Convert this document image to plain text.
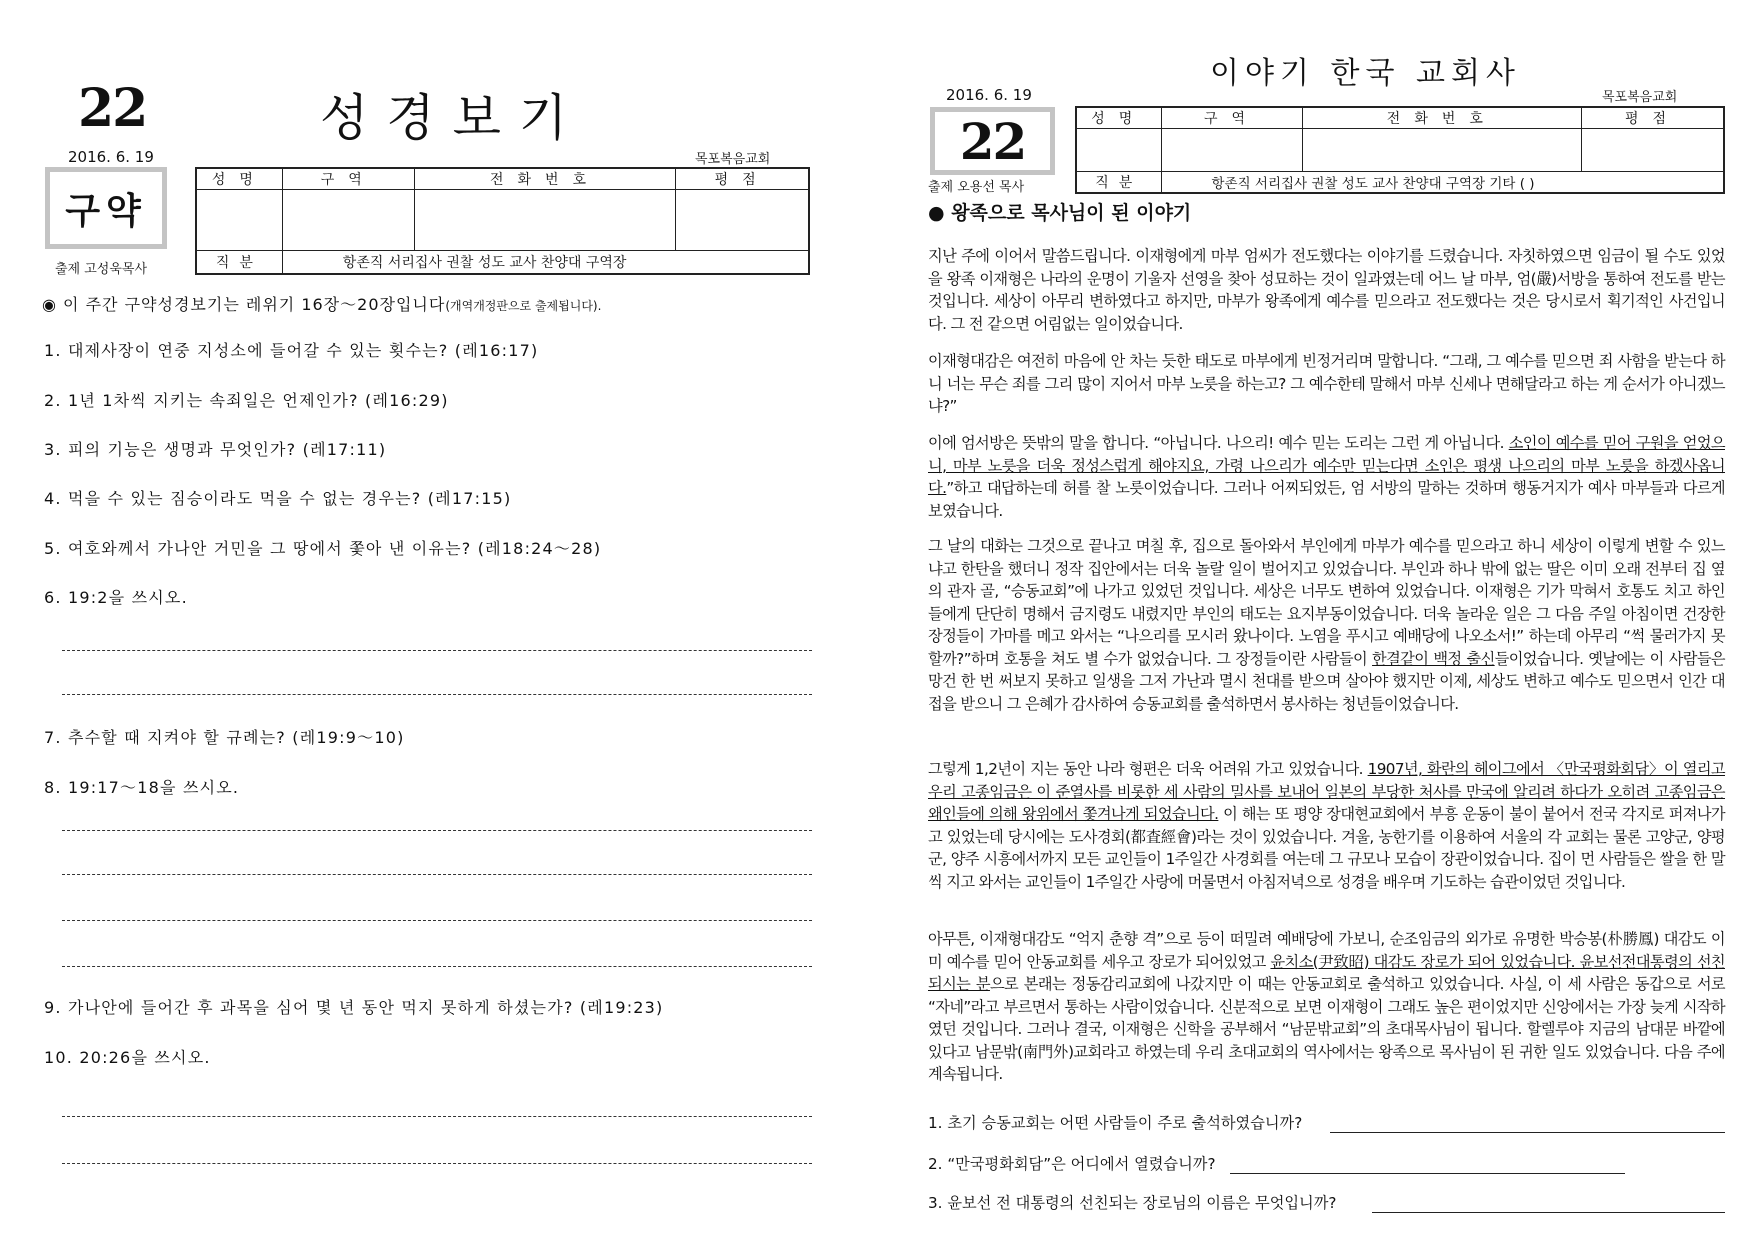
22	성경보기
2016. 6. 19	목포복음교회
구약
출제 고성욱목사
성명	구역	전화번호	평점

직분	항존직 서리집사 권찰 성도 교사 찬양대 구역장		
◉ 이 주간 구약성경보기는 레위기 16장～20장입니다(개역개정판으로 출제됩니다).
1. 대제사장이 연중 지성소에 들어갈 수 있는 횟수는? (레16:17)
2. 1년 1차씩 지키는 속죄일은 언제인가? (레16:29)
3. 피의 기능은 생명과 무엇인가? (레17:11)
4. 먹을 수 있는 짐승이라도 먹을 수 없는 경우는? (레17:15)
5. 여호와께서 가나안 거민을 그 땅에서 쫓아 낸 이유는? (레18:24～28)
6. 19:2을 쓰시오.
7. 추수할 때 지켜야 할 규례는? (레19:9～10)
8. 19:17～18을 쓰시오.
9. 가나안에 들어간 후 과목을 심어 몇 년 동안 먹지 못하게 하셨는가? (레19:23)
10. 20:26을 쓰시오.
이야기 한국 교회사
2016. 6. 19	목포복음교회
22
출제 오용선 목사
성명	구역	전화번호	평점

직분	항존직 서리집사 권찰 성도 교사 찬양대 구역장 기타 ( )		
● 왕족으로 목사님이 된 이야기
지난 주에 이어서 말씀드립니다. 이재형에게 마부 엄씨가 전도했다는 이야기를 드렸습니다. 자칫하였으면 임금이 될 수도 있었을 왕족 이재형은 나라의 운명이 기울자 선영을 찾아 성묘하는 것이 일과였는데 어느 날 마부, 엄(嚴)서방을 통하여 전도를 받는 것입니다. 세상이 아무리 변하였다고 하지만, 마부가 왕족에게 예수를 믿으라고 전도했다는 것은 당시로서 획기적인 사건입니다. 그 전 같으면 어림없는 일이었습니다.
이재형대감은 여전히 마음에 안 차는 듯한 태도로 마부에게 빈정거리며 말합니다. “그래, 그 예수를 믿으면 죄 사함을 받는다 하니 너는 무슨 죄를 그리 많이 지어서 마부 노릇을 하는고? 그 예수한테 말해서 마부 신세나 면해달라고 하는 게 순서가 아니겠느냐?”
이에 엄서방은 뜻밖의 말을 합니다. “아닙니다. 나으리! 예수 믿는 도리는 그런 게 아닙니다. 소인이 예수를 믿어 구원을 얻었으니, 마부 노릇을 더욱 정성스럽게 해야지요, 가령 나으리가 예수만 믿는다면 소인은 평생 나으리의 마부 노릇을 하겠사옵니다.”하고 대답하는데 허를 찰 노릇이었습니다. 그러나 어찌되었든, 엄 서방의 말하는 것하며 행동거지가 예사 마부들과 다르게 보였습니다.
그 날의 대화는 그것으로 끝나고 며칠 후, 집으로 돌아와서 부인에게 마부가 예수를 믿으라고 하니 세상이 이렇게 변할 수 있느냐고 한탄을 했더니 정작 집안에서는 더욱 놀랄 일이 벌어지고 있었습니다. 부인과 하나 밖에 없는 딸은 이미 오래 전부터 집 옆의 관자 골, “승동교회”에 나가고 있었던 것입니다. 세상은 너무도 변하여 있었습니다. 이재형은 기가 막혀서 호통도 치고 하인들에게 단단히 명해서 금지령도 내렸지만 부인의 태도는 요지부동이었습니다. 더욱 놀라운 일은 그 다음 주일 아침이면 건장한 장정들이 가마를 메고 와서는 “나으리를 모시러 왔나이다. 노염을 푸시고 예배당에 나오소서!” 하는데 아무리 “썩 물러가지 못할까?”하며 호통을 쳐도 별 수가 없었습니다. 그 장정들이란 사람들이 한결같이 백정 출신들이었습니다. 옛날에는 이 사람들은 망건 한 번 써보지 못하고 일생을 그저 가난과 멸시 천대를 받으며 살아야 했지만 이제, 세상도 변하고 예수도 믿으면서 인간 대접을 받으니 그 은혜가 감사하여 승동교회를 출석하면서 봉사하는 청년들이었습니다.
그렇게 1,2년이 지는 동안 나라 형편은 더욱 어려워 가고 있었습니다. 1907년, 화란의 헤이그에서 〈만국평화회담〉이 열리고 우리 고종임금은 이 준열사를 비롯한 세 사람의 밀사를 보내어 일본의 부당한 처사를 만국에 알리려 하다가 오히려 고종임금은 왜인들에 의해 왕위에서 쫓겨나게 되었습니다. 이 해는 또 평양 장대현교회에서 부흥 운동이 불이 붙어서 전국 각지로 퍼져나가고 있었는데 당시에는 도사경회(都査經會)라는 것이 있었습니다. 겨울, 농한기를 이용하여 서울의 각 교회는 물론 고양군, 양평군, 양주 시흥에서까지 모든 교인들이 1주일간 사경회를 여는데 그 규모나 모습이 장관이었습니다. 집이 먼 사람들은 쌀을 한 말씩 지고 와서는 교인들이 1주일간 사랑에 머물면서 아침저녁으로 성경을 배우며 기도하는 습관이었던 것입니다.
아무튼, 이재형대감도 “억지 춘향 격”으로 등이 떠밀려 예배당에 가보니, 순조임금의 외가로 유명한 박승봉(朴勝鳳) 대감도 이미 예수를 믿어 안동교회를 세우고 장로가 되어있었고 윤치소(尹致昭) 대감도 장로가 되어 있었습니다. 윤보선전대통령의 선친 되시는 분으로 본래는 정동감리교회에 나갔지만 이 때는 안동교회로 출석하고 있었습니다. 사실, 이 세 사람은 동갑으로 서로 “자네”라고 부르면서 통하는 사람이었습니다. 신분적으로 보면 이재형이 그래도 높은 편이었지만 신앙에서는 가장 늦게 시작하였던 것입니다. 그러나 결국, 이재형은 신학을 공부해서 “남문밖교회”의 초대목사님이 됩니다. 할렐루야 지금의 남대문 바깥에 있다고 남문밖(南門外)교회라고 하였는데 우리 초대교회의 역사에서는 왕족으로 목사님이 된 귀한 일도 있었습니다. 다음 주에 계속됩니다.
1. 초기 승동교회는 어떤 사람들이 주로 출석하였습니까?
2. “만국평화회담”은 어디에서 열렸습니까?
3. 윤보선 전 대통령의 선친되는 장로님의 이름은 무엇입니까?
